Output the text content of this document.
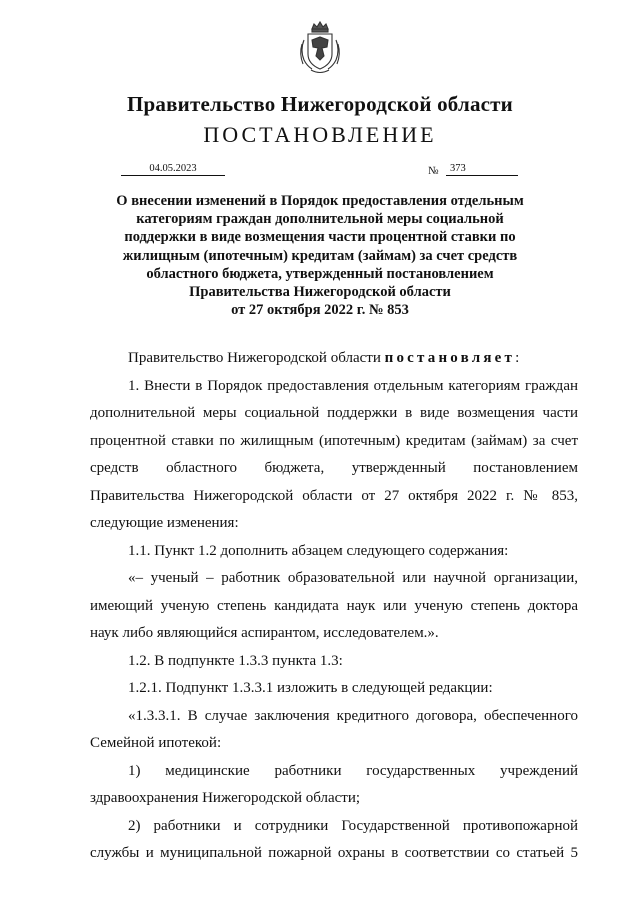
Правительство Нижегородской области
ПОСТАНОВЛЕНИЕ
04.05.2023	№	373
О внесении изменений в Порядок предоставления отдельным
категориям граждан дополнительной меры социальной
поддержки в виде возмещения части процентной ставки по
жилищным (ипотечным) кредитам (займам) за счет средств
областного бюджета, утвержденный постановлением
Правительства Нижегородской области
от 27 октября 2022 г. № 853

Правительство Нижегородской области постановляет:

1. Внести в Порядок предоставления отдельным категориям граждан дополнительной меры социальной поддержки в виде возмещения части процентной ставки по жилищным (ипотечным) кредитам (займам) за счет средств областного бюджета, утвержденный постановлением Правительства Нижегородской области от 27 октября 2022 г. № 853, следующие изменения:

1.1. Пункт 1.2 дополнить абзацем следующего содержания:

«– ученый – работник образовательной или научной организации, имеющий ученую степень кандидата наук или ученую степень доктора наук либо являющийся аспирантом, исследователем.».

1.2. В подпункте 1.3.3 пункта 1.3:

1.2.1. Подпункт 1.3.3.1 изложить в следующей редакции:

«1.3.3.1. В случае заключения кредитного договора, обеспеченного Семейной ипотекой:

1) медицинские работники государственных учреждений здравоохранения Нижегородской области;

2) работники и сотрудники Государственной противопожарной службы и муниципальной пожарной охраны в соответствии со статьей 5
